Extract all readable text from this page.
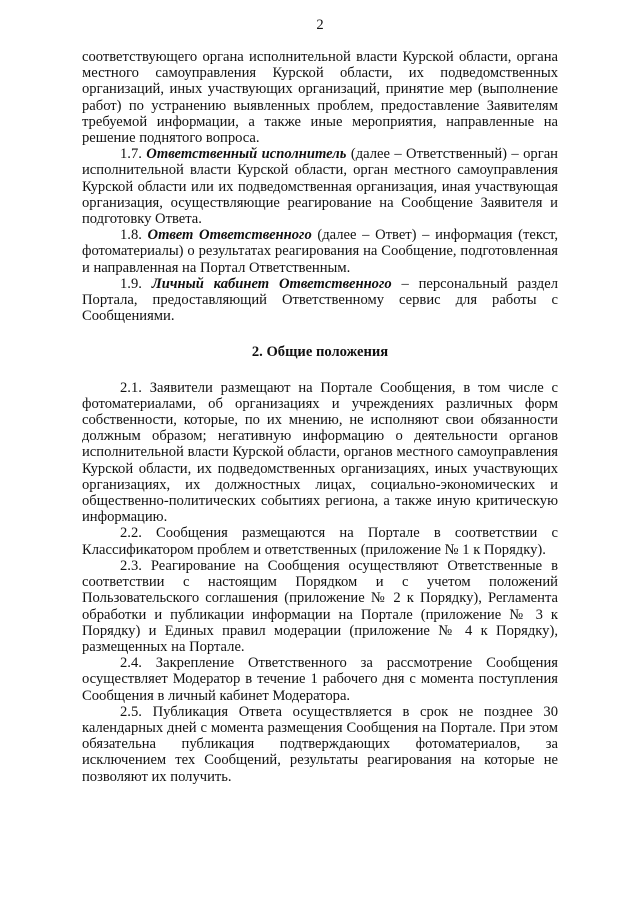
2

соответствующего органа исполнительной власти Курской области, органа местного самоуправления Курской области, их подведомственных организаций, иных участвующих организаций, принятие мер (выполнение работ) по устранению выявленных проблем, предоставление Заявителям требуемой информации, а также иные мероприятия, направленные на решение поднятого вопроса.

1.7. Ответственный исполнитель (далее – Ответственный) – орган исполнительной власти Курской области, орган местного самоуправления Курской области или их подведомственная организация, иная участвующая организация, осуществляющие реагирование на Сообщение Заявителя и подготовку Ответа.

1.8. Ответ Ответственного (далее – Ответ) – информация (текст, фотоматериалы) о результатах реагирования на Сообщение, подготовленная и направленная на Портал Ответственным.

1.9. Личный кабинет Ответственного – персональный раздел Портала, предоставляющий Ответственному сервис для работы с Сообщениями.

2. Общие положения

2.1. Заявители размещают на Портале Сообщения, в том числе с фотоматериалами, об организациях и учреждениях различных форм собственности, которые, по их мнению, не исполняют свои обязанности должным образом; негативную информацию о деятельности органов исполнительной власти Курской области, органов местного самоуправления Курской области, их подведомственных организациях, иных участвующих организациях, их должностных лицах, социально-экономических и общественно-политических событиях региона, а также иную критическую информацию.

2.2. Сообщения размещаются на Портале в соответствии с Классификатором проблем и ответственных (приложение № 1 к Порядку).

2.3. Реагирование на Сообщения осуществляют Ответственные в соответствии с настоящим Порядком и с учетом положений Пользовательского соглашения (приложение № 2 к Порядку), Регламента обработки и публикации информации на Портале (приложение № 3 к Порядку) и Единых правил модерации (приложение № 4 к Порядку), размещенных на Портале.

2.4. Закрепление Ответственного за рассмотрение Сообщения осуществляет Модератор в течение 1 рабочего дня с момента поступления Сообщения в личный кабинет Модератора.

2.5. Публикация Ответа осуществляется в срок не позднее 30 календарных дней с момента размещения Сообщения на Портале. При этом обязательна публикация подтверждающих фотоматериалов, за исключением тех Сообщений, результаты реагирования на которые не позволяют их получить.
